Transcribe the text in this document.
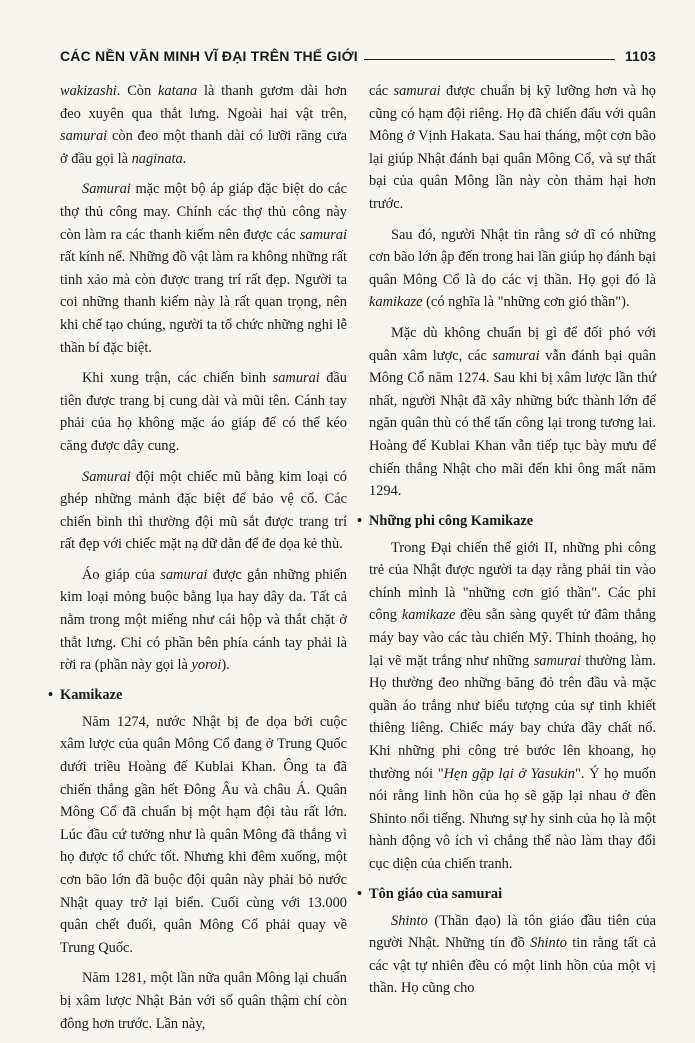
CÁC NỀN VĂN MINH VĨ ĐẠI TRÊN THẾ GIỚI	1103

wakizashi. Còn katana là thanh gươm dài hơn đeo xuyên qua thắt lưng. Ngoài hai vật trên, samurai còn đeo một thanh dài có lưỡi răng cưa ở đầu gọi là naginata.

Samurai mặc một bộ áp giáp đặc biệt do các thợ thủ công may. Chính các thợ thủ công này còn làm ra các thanh kiếm nên được các samurai rất kính nể. Những đồ vật làm ra không những rất tinh xảo mà còn được trang trí rất đẹp. Người ta coi những thanh kiếm này là rất quan trọng, nên khi chế tạo chúng, người ta tổ chức những nghi lễ thần bí đặc biệt.

Khi xung trận, các chiến binh samurai đầu tiên được trang bị cung dài và mũi tên. Cánh tay phải của họ không mặc áo giáp để có thể kéo căng được dây cung.

Samurai đội một chiếc mũ bằng kim loại có ghép những mảnh đặc biệt để bảo vệ cổ. Các chiến binh thì thường đội mũ sắt được trang trí rất đẹp với chiếc mặt nạ dữ dằn để đe dọa kẻ thù.

Áo giáp của samurai được gắn những phiến kim loại mỏng buộc bằng lụa hay dây da. Tất cả nằm trong một miếng như cái hộp và thắt chặt ở thắt lưng. Chỉ có phần bên phía cánh tay phải là rời ra (phần này gọi là yoroi).

• Kamikaze

Năm 1274, nước Nhật bị đe dọa bởi cuộc xâm lược của quân Mông Cổ đang ở Trung Quốc dưới triều Hoàng đế Kublai Khan. Ông ta đã chiến thắng gần hết Đông Âu và châu Á. Quân Mông Cổ đã chuẩn bị một hạm đội tàu rất lớn. Lúc đầu cứ tưởng như là quân Mông đã thắng vì họ được tổ chức tốt. Nhưng khi đêm xuống, một cơn bão lớn đã buộc đội quân này phải bỏ nước Nhật quay trở lại biển. Cuối cùng với 13.000 quân chết đuối, quân Mông Cổ phải quay về Trung Quốc.

Năm 1281, một lần nữa quân Mông lại chuẩn bị xâm lược Nhật Bản với số quân thậm chí còn đông hơn trước. Lần này,

các samurai được chuẩn bị kỹ lưỡng hơn và họ cũng có hạm đội riêng. Họ đã chiến đấu với quân Mông ở Vịnh Hakata. Sau hai tháng, một cơn bão lại giúp Nhật đánh bại quân Mông Cổ, và sự thất bại của quân Mông lần này còn thảm hại hơn trước.

Sau đó, người Nhật tin rằng sở dĩ có những cơn bão lớn ập đến trong hai lần giúp họ đánh bại quân Mông Cổ là do các vị thần. Họ gọi đó là kamikaze (có nghĩa là "những cơn gió thần").

Mặc dù không chuẩn bị gì để đối phó với quân xâm lược, các samurai vẫn đánh bại quân Mông Cổ năm 1274. Sau khi bị xâm lược lần thứ nhất, người Nhật đã xây những bức thành lớn để ngăn quân thù có thể tấn công lại trong tương lai. Hoàng đế Kublai Khan vẫn tiếp tục bày mưu để chiến thắng Nhật cho mãi đến khi ông mất năm 1294.

• Những phi công Kamikaze

Trong Đại chiến thế giới II, những phi công trẻ của Nhật được người ta dạy rằng phải tin vào chính mình là "những cơn gió thần". Các phi công kamikaze đều sẵn sàng quyết tử đâm thẳng máy bay vào các tàu chiến Mỹ. Thỉnh thoảng, họ lại vẽ mặt trắng như những samurai thường làm. Họ thường đeo những băng đỏ trên đầu và mặc quần áo trắng như biểu tượng của sự tinh khiết thiêng liêng. Chiếc máy bay chứa đầy chất nổ. Khi những phi công trẻ bước lên khoang, họ thường nói "Hẹn gặp lại ở Yasukin". Ý họ muốn nói rằng linh hồn của họ sẽ gặp lại nhau ở đền Shinto nổi tiếng. Nhưng sự hy sinh của họ là một hành động vô ích vì chẳng thể nào làm thay đổi cục diện của chiến tranh.

• Tôn giáo của samurai

Shinto (Thần đạo) là tôn giáo đầu tiên của người Nhật. Những tín đồ Shinto tin rằng tất cả các vật tự nhiên đều có một linh hồn của một vị thần. Họ cũng cho
